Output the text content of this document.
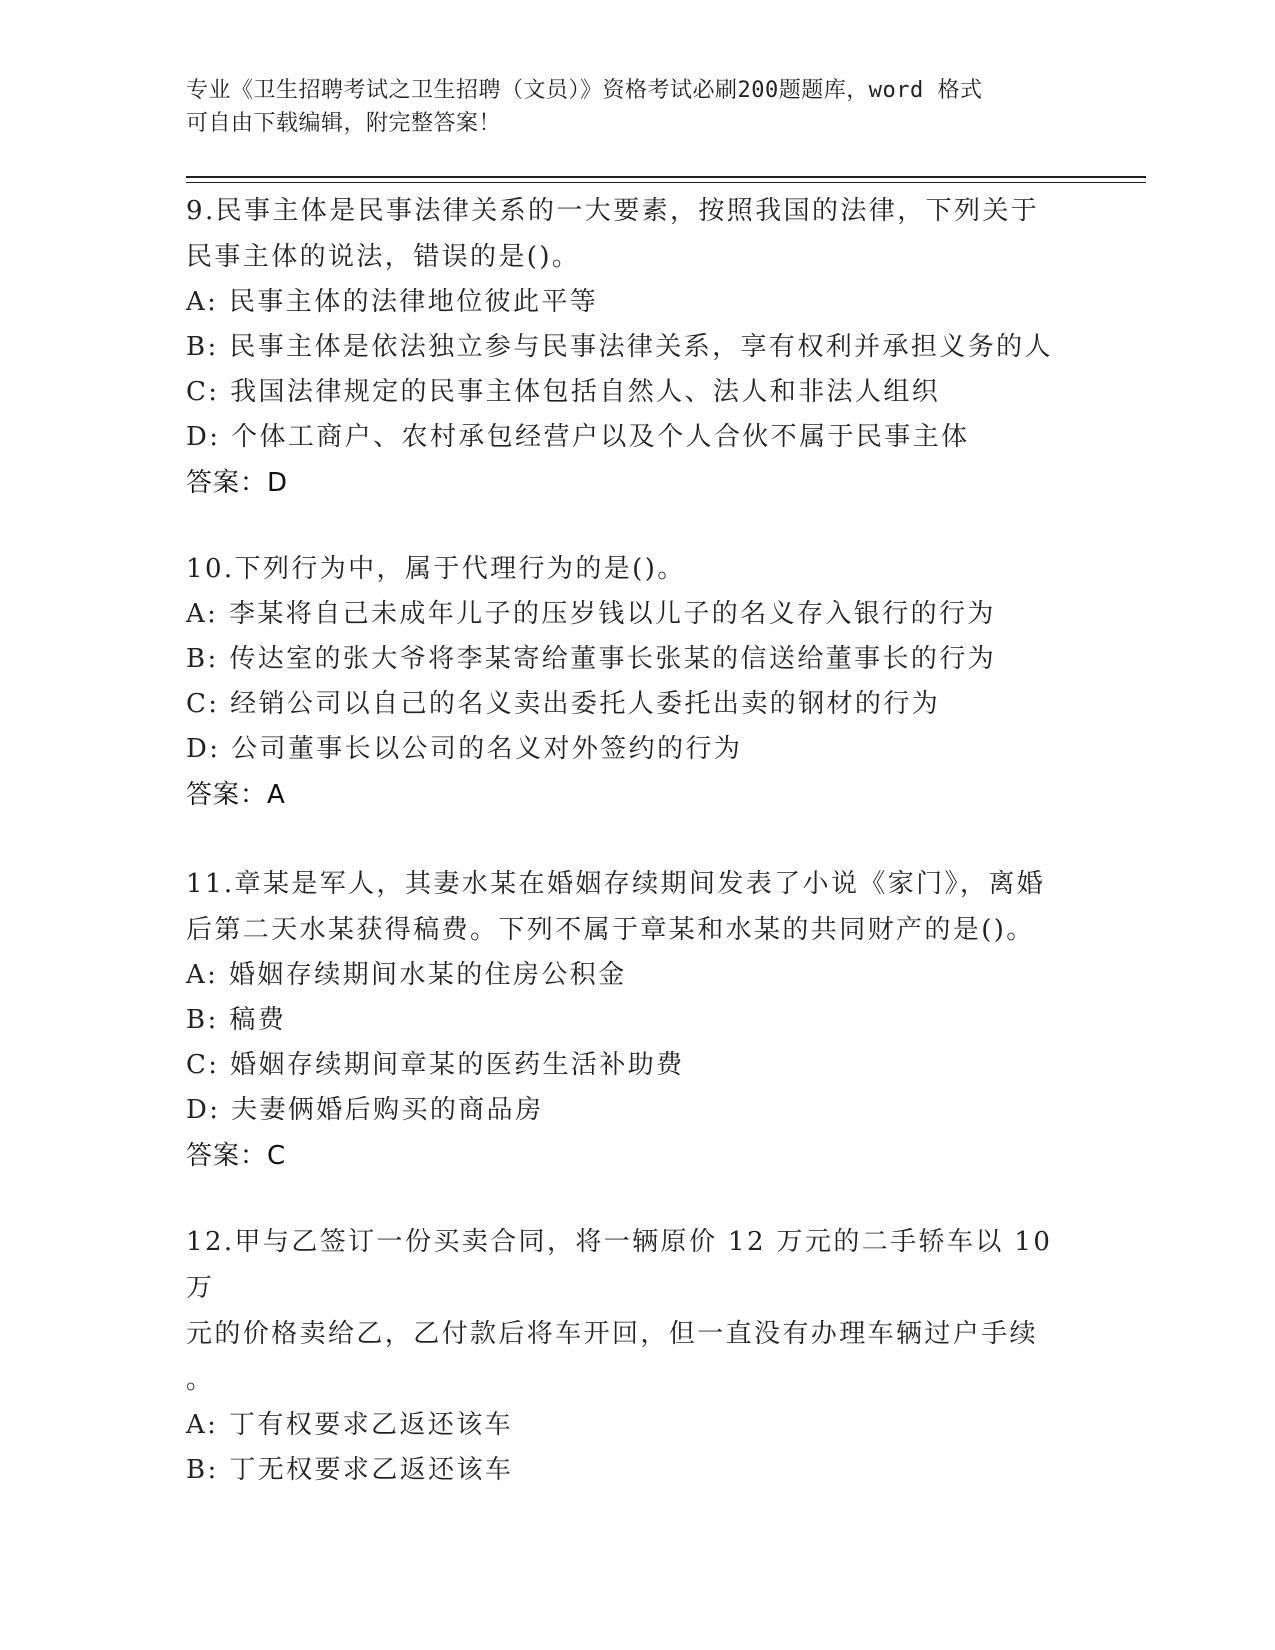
专业《卫生招聘考试之卫生招聘（文员）》资格考试必刷200题题库，word 格式
可自由下载编辑，附完整答案！
9.民事主体是民事法律关系的一大要素，按照我国的法律，下列关于
民事主体的说法，错误的是()。
A: 民事主体的法律地位彼此平等
B: 民事主体是依法独立参与民事法律关系，享有权利并承担义务的人
C: 我国法律规定的民事主体包括自然人、法人和非法人组织
D: 个体工商户、农村承包经营户以及个人合伙不属于民事主体
答案：D
10.下列行为中，属于代理行为的是()。
A: 李某将自己未成年儿子的压岁钱以儿子的名义存入银行的行为
B: 传达室的张大爷将李某寄给董事长张某的信送给董事长的行为
C: 经销公司以自己的名义卖出委托人委托出卖的钢材的行为
D: 公司董事长以公司的名义对外签约的行为
答案：A
11.章某是军人，其妻水某在婚姻存续期间发表了小说《家门》，离婚
后第二天水某获得稿费。下列不属于章某和水某的共同财产的是()。
A: 婚姻存续期间水某的住房公积金
B: 稿费
C: 婚姻存续期间章某的医药生活补助费
D: 夫妻俩婚后购买的商品房
答案：C
12.甲与乙签订一份买卖合同，将一辆原价 12 万元的二手轿车以 10 万
元的价格卖给乙，乙付款后将车开回，但一直没有办理车辆过户手续
。
A: 丁有权要求乙返还该车
B: 丁无权要求乙返还该车
